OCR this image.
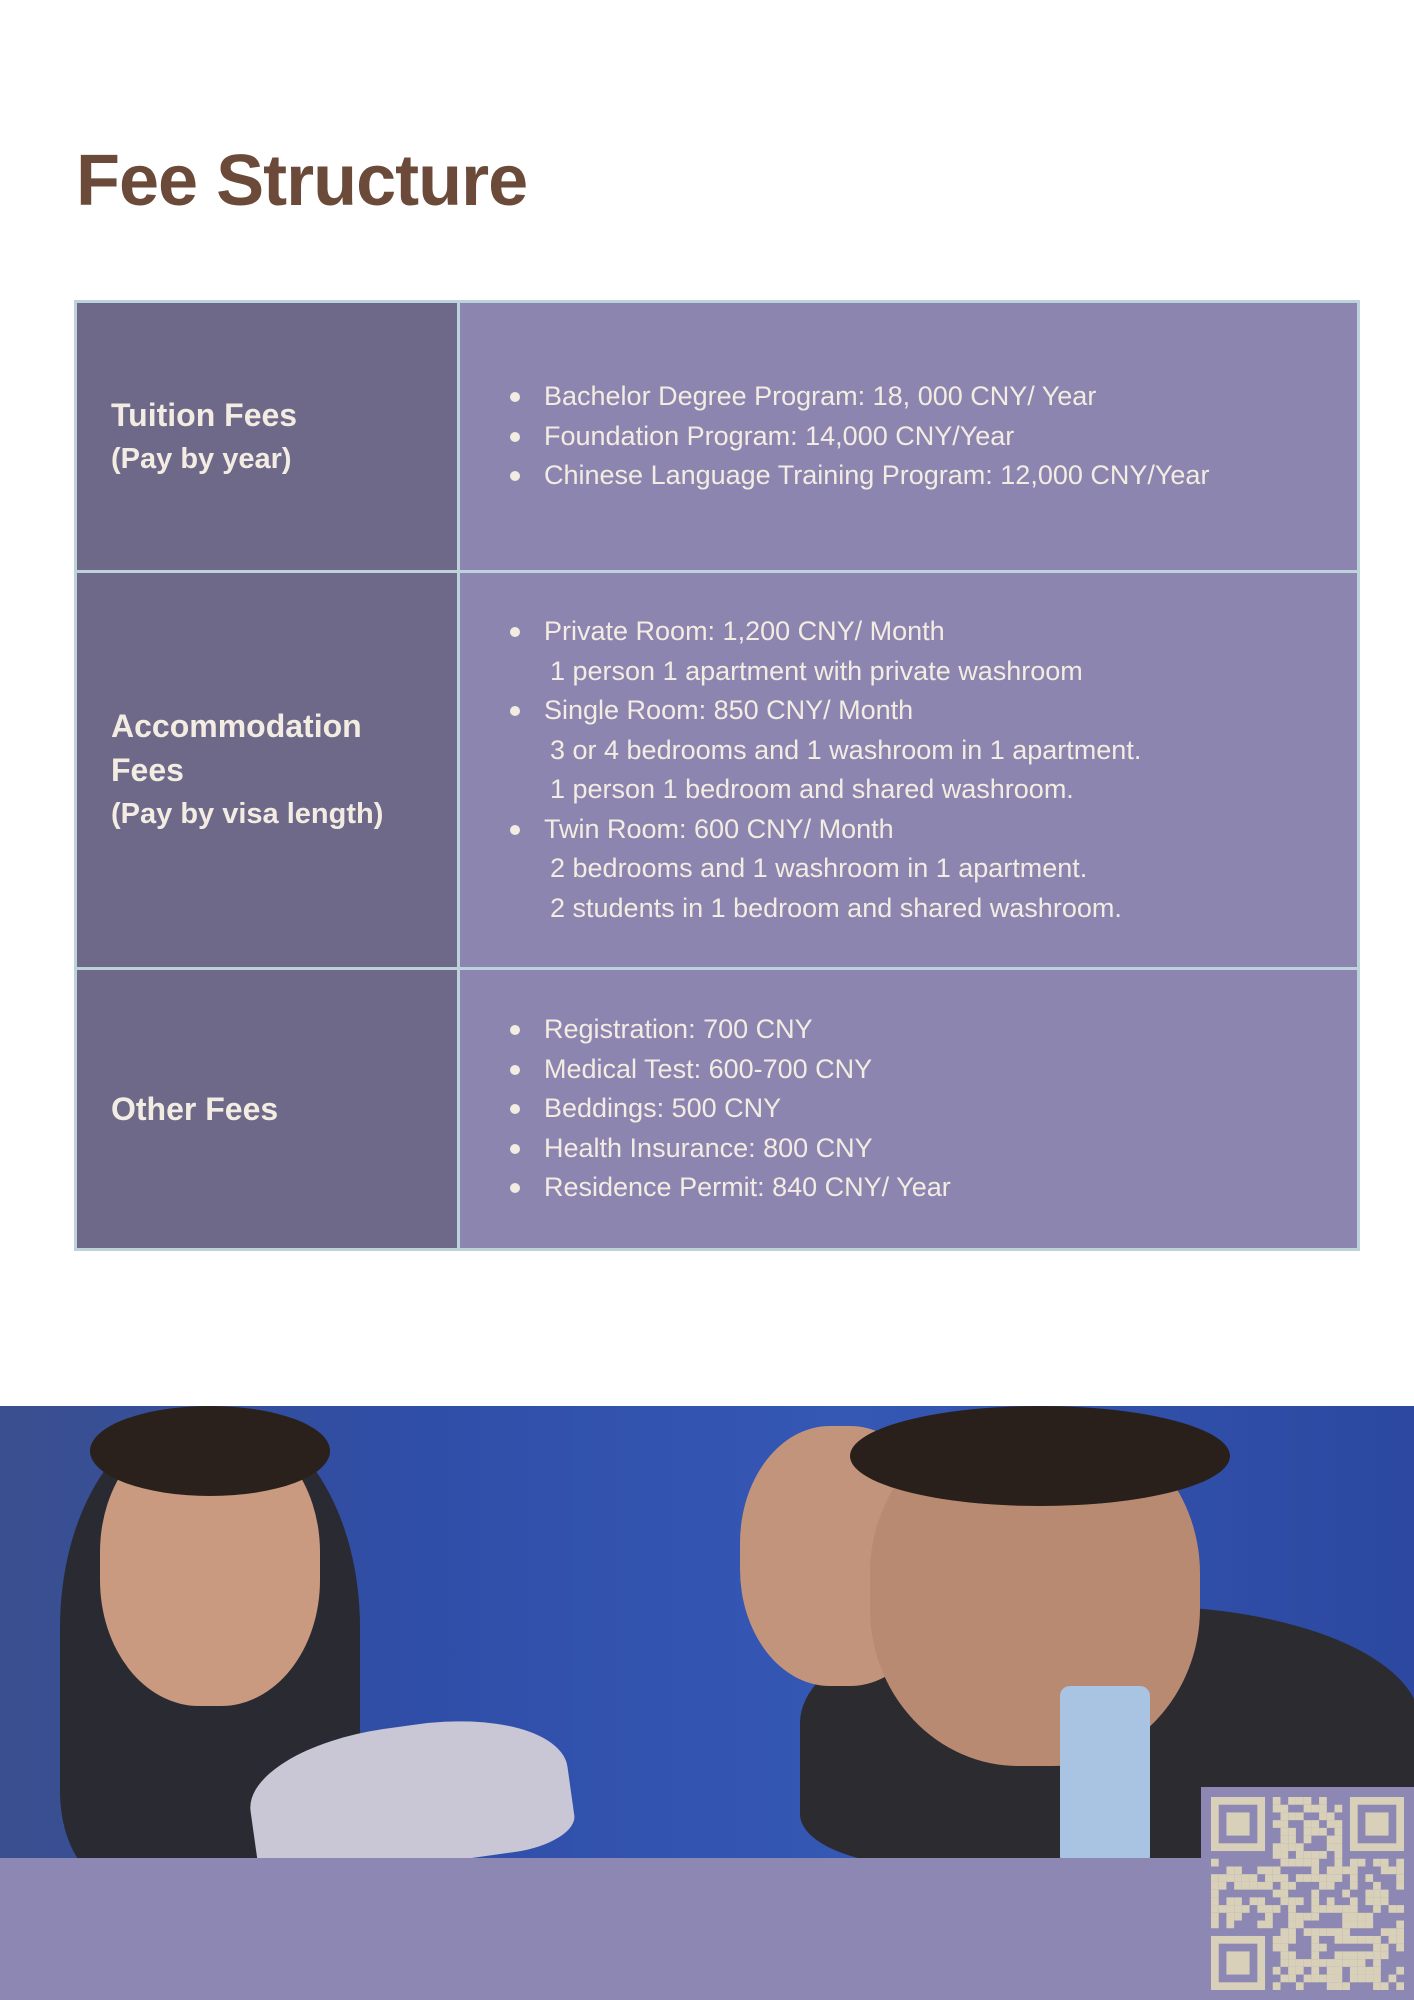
Fee Structure
Tuition Fees
(Pay by year)
Bachelor Degree Program: 18, 000 CNY/ Year
Foundation Program: 14,000 CNY/Year
Chinese Language Training Program: 12,000 CNY/Year
Accommodation Fees
(Pay by visa length)
Private Room: 1,200 CNY/ Month
1 person 1 apartment with private washroom
Single Room: 850 CNY/ Month
3 or 4 bedrooms and 1 washroom in 1 apartment.
1 person 1 bedroom and shared washroom.
Twin Room: 600 CNY/ Month
2 bedrooms and 1 washroom in 1 apartment.
2 students in 1 bedroom and shared washroom.
Other Fees
Registration: 700 CNY
Medical Test: 600-700 CNY
Beddings: 500 CNY
Health Insurance: 800 CNY
Residence Permit: 840 CNY/ Year
